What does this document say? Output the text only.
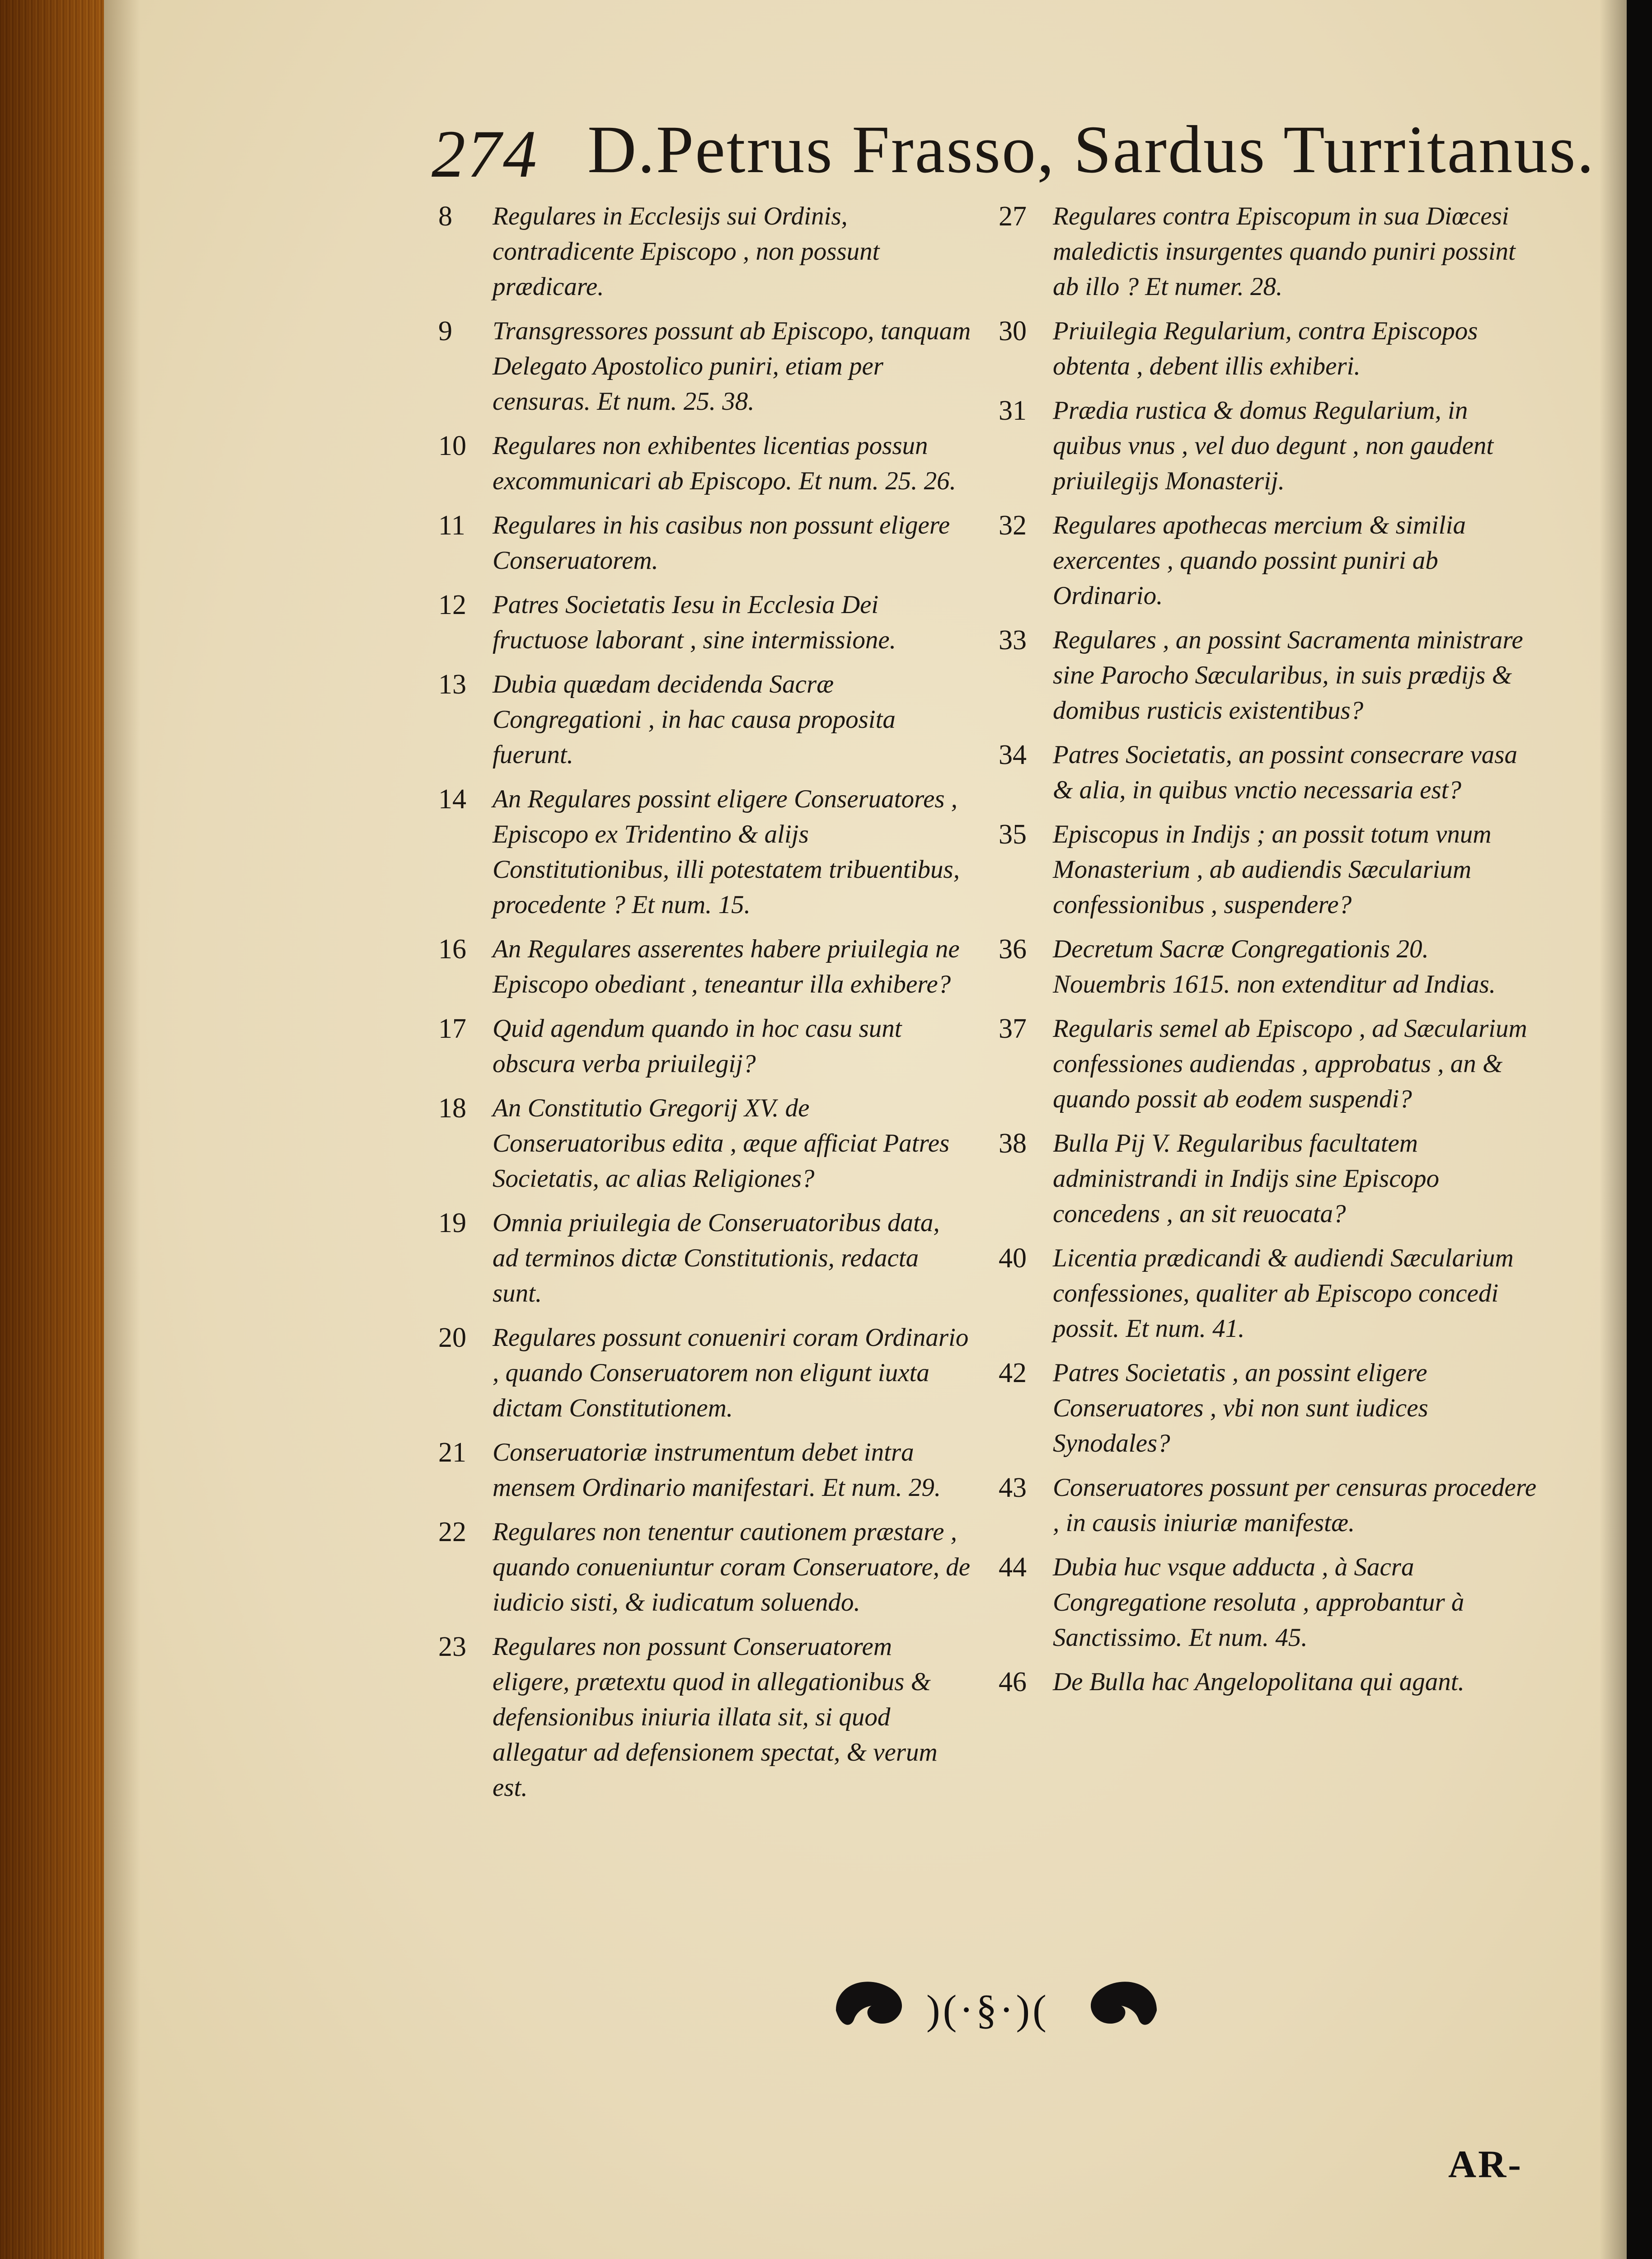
274 D.Petrus Frasso, Sardus Turritanus.
8	Regulares in Ecclesijs sui Ordinis, contradicente Episcopo , non possunt prædicare.
9	Transgressores possunt ab Episcopo, tanquam Delegato Apostolico puniri, etiam per censuras. Et num. 25. 38.
10	Regulares non exhibentes licentias possun excommunicari ab Episcopo. Et num. 25. 26.
11	Regulares in his casibus non possunt eligere Conseruatorem.
12	Patres Societatis Iesu in Ecclesia Dei fructuose laborant , sine intermissione.
13	Dubia quædam decidenda Sacræ Congregationi , in hac causa proposita fuerunt.
14	An Regulares possint eligere Conseruatores , Episcopo ex Tridentino & alijs Constitutionibus, illi potestatem tribuentibus, procedente ? Et num. 15.
16	An Regulares asserentes habere priuilegia ne Episcopo obediant , teneantur illa exhibere?
17	Quid agendum quando in hoc casu sunt obscura verba priuilegij?
18	An Constitutio Gregorij XV. de Conseruatoribus edita , æque afficiat Patres Societatis, ac alias Religiones?
19	Omnia priuilegia de Conseruatoribus data, ad terminos dictæ Constitutionis, redacta sunt.
20	Regulares possunt conueniri coram Ordinario , quando Conseruatorem non eligunt iuxta dictam Constitutionem.
21	Conseruatoriæ instrumentum debet intra mensem Ordinario manifestari. Et num. 29.
22	Regulares non tenentur cautionem præstare , quando conueniuntur coram Conseruatore, de iudicio sisti, & iudicatum soluendo.
23	Regulares non possunt Conseruatorem eligere, prætextu quod in allegationibus & defensionibus iniuria illata sit, si quod allegatur ad defensionem spectat, & verum est.
27	Regulares contra Episcopum in sua Diœcesi maledictis insurgentes quando puniri possint ab illo ? Et numer. 28.
30	Priuilegia Regularium, contra Episcopos obtenta , debent illis exhiberi.
31	Prædia rustica & domus Regularium, in quibus vnus , vel duo degunt , non gaudent priuilegijs Monasterij.
32	Regulares apothecas mercium & similia exercentes , quando possint puniri ab Ordinario.
33	Regulares , an possint Sacramenta ministrare sine Parocho Sæcularibus, in suis prædijs & domibus rusticis existentibus?
34	Patres Societatis, an possint consecrare vasa & alia, in quibus vnctio necessaria est?
35	Episcopus in Indijs ; an possit totum vnum Monasterium , ab audiendis Sæcularium confessionibus , suspendere?
36	Decretum Sacræ Congregationis 20. Nouembris 1615. non extenditur ad Indias.
37	Regularis semel ab Episcopo , ad Sæcularium confessiones audiendas , approbatus , an & quando possit ab eodem suspendi?
38	Bulla Pij V. Regularibus facultatem administrandi in Indijs sine Episcopo concedens , an sit reuocata?
40	Licentia prædicandi & audiendi Sæcularium confessiones, qualiter ab Episcopo concedi possit. Et num. 41.
42	Patres Societatis , an possint eligere Conseruatores , vbi non sunt iudices Synodales?
43	Conseruatores possunt per censuras procedere , in causis iniuriæ manifestæ.
44	Dubia huc vsque adducta , à Sacra Congregatione resoluta , approbantur à Sanctissimo. Et num. 45.
46	De Bulla hac Angelopolitana qui agant.
)(·§·)(
AR-
